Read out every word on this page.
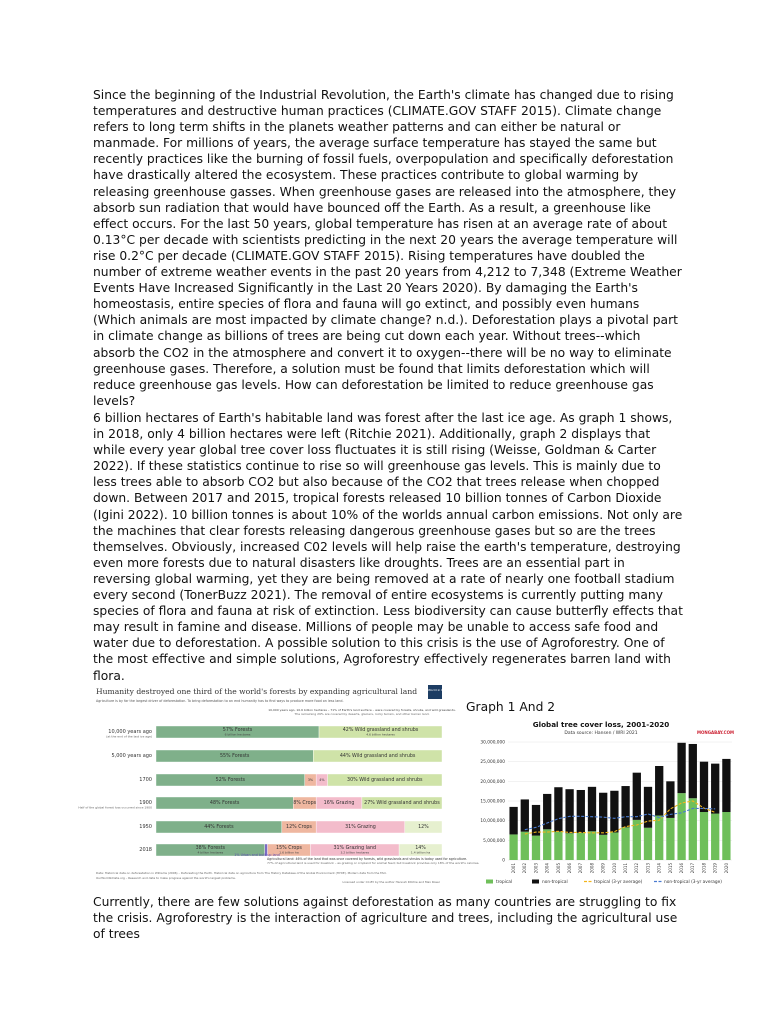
Since the beginning of the Industrial Revolution, the Earth's climate has changed due to rising temperatures and destructive human practices (CLIMATE.GOV STAFF 2015). Climate change refers to long term shifts in the planets weather patterns and can either be natural or manmade. For millions of years, the average surface temperature has stayed the same but recently practices like the burning of fossil fuels, overpopulation and specifically deforestation have drastically altered the ecosystem. These practices contribute to global warming by releasing greenhouse gasses. When greenhouse gases are released into the atmosphere, they absorb sun radiation that would have bounced off the Earth. As a result, a greenhouse like effect occurs. For the last 50 years, global temperature has risen at an average rate of about 0.13°C per decade with scientists predicting in the next 20 years the average temperature will rise 0.2°C per decade (CLIMATE.GOV STAFF 2015). Rising temperatures have doubled the number of extreme weather events in the past 20 years from 4,212 to 7,348 (Extreme Weather Events Have Increased Significantly in the Last 20 Years 2020). By damaging the Earth's homeostasis, entire species of flora and fauna will go extinct, and possibly even humans (Which animals are most impacted by climate change? n.d.). Deforestation plays a pivotal part in climate change as billions of trees are being cut down each year. Without trees--which absorb the CO2 in the atmosphere and convert it to oxygen--there will be no way to eliminate greenhouse gases. Therefore, a solution must be found that limits deforestation which will reduce greenhouse gas levels. How can deforestation be limited to reduce greenhouse gas levels?

6 billion hectares of Earth's habitable land was forest after the last ice age. As graph 1 shows, in 2018, only 4 billion hectares were left (Ritchie 2021). Additionally, graph 2 displays that while every year global tree cover loss fluctuates it is still rising (Weisse, Goldman & Carter 2022). If these statistics continue to rise so will greenhouse gas levels. This is mainly due to less trees able to absorb CO2 but also because of the CO2 that trees release when chopped down. Between 2017 and 2015, tropical forests released 10 billion tonnes of Carbon Dioxide (Igini 2022). 10 billion tonnes is about 10% of the worlds annual carbon emissions. Not only are the machines that clear forests releasing dangerous greenhouse gases but so are the trees themselves. Obviously, increased C02 levels will help raise the earth's temperature, destroying even more forests due to natural disasters like droughts. Trees are an essential part in reversing global warming, yet they are being removed at a rate of nearly one football stadium every second (TonerBuzz 2021). The removal of entire ecosystems is currently putting many species of flora and fauna at risk of extinction. Less biodiversity can cause butterfly effects that may result in famine and disease. Millions of people may be unable to access safe food and water due to deforestation. A possible solution to this crisis is the use of Agroforestry. One of the most effective and simple solutions, Agroforestry effectively regenerates barren land with flora.

Humanity destroyed one third of the world's forests by expanding agricultural land
Agriculture is by far the largest driver of deforestation. To bring deforestation to an end humanity has to find ways to produce more food on less land.
Our World in Data
10,000 years ago, 10.6 billion hectares – 71% of Earth's land surface – were covered by forests, shrubs, and wild grasslands.
The remaining 29% are covered by deserts, glaciers, rocky terrain, and other barren land.
10,000 years ago
(at the end of the last ice age)
57% Forests
6 billion hectares
42% Wild grassland and shrubs
4.6 billion hectares
5,000 years ago	55% Forests	44% Wild grassland and shrubs
1700	52% Forests	3% 4%	30% Wild grassland and shrubs
1900
Half of the global forest loss occurred since 1900
48% Forests	8% Crops 16% Grazing 27% Wild grassland and shrubs
1950	44% Forests	12% Crops	31% Grazing	12%
2018	38% Forests
4 billion hectares
15% Crops
1.6 billion ha
31% Grazing land
3.2 billion hectares
14%
1.4 billion ha
1% Urban and built-up land
Agricultural land: 46% of the land that was once covered by forests, wild grasslands and shrubs is today used for agriculture.
77% of agricultural land is used for livestock – as grazing or cropland for animal feed; but livestock provides only 18% of the world's calories.
Data: Historical data on deforestation in Williams (2006) – Deforesting the Earth. Historical data on agriculture from The History Database of the Global Environment (HYDE). Modern data from the FAO.
OurWorldInData.org – Research and data to make progress against the world's largest problems.
Licensed under CC-BY by the author Hannah Ritchie and Max Roser
Graph 1 And 2
Global tree cover loss, 2001-2020
Data source: Hansen / WRI 2021	MONGABAY.COM
0
5,000,000
10,000,000
15,000,000
20,000,000
25,000,000
30,000,000
2001 2002 2003 2004 2005 2006 2007 2008 2009 2010 2011 2012 2013 2014 2015 2016 2017 2018 2019 2020
tropical	non-tropical	tropical (3-yr average)	non-tropical (3-yr average)

Currently, there are few solutions against deforestation as many countries are struggling to fix the crisis. Agroforestry is the interaction of agriculture and trees, including the agricultural use of trees
